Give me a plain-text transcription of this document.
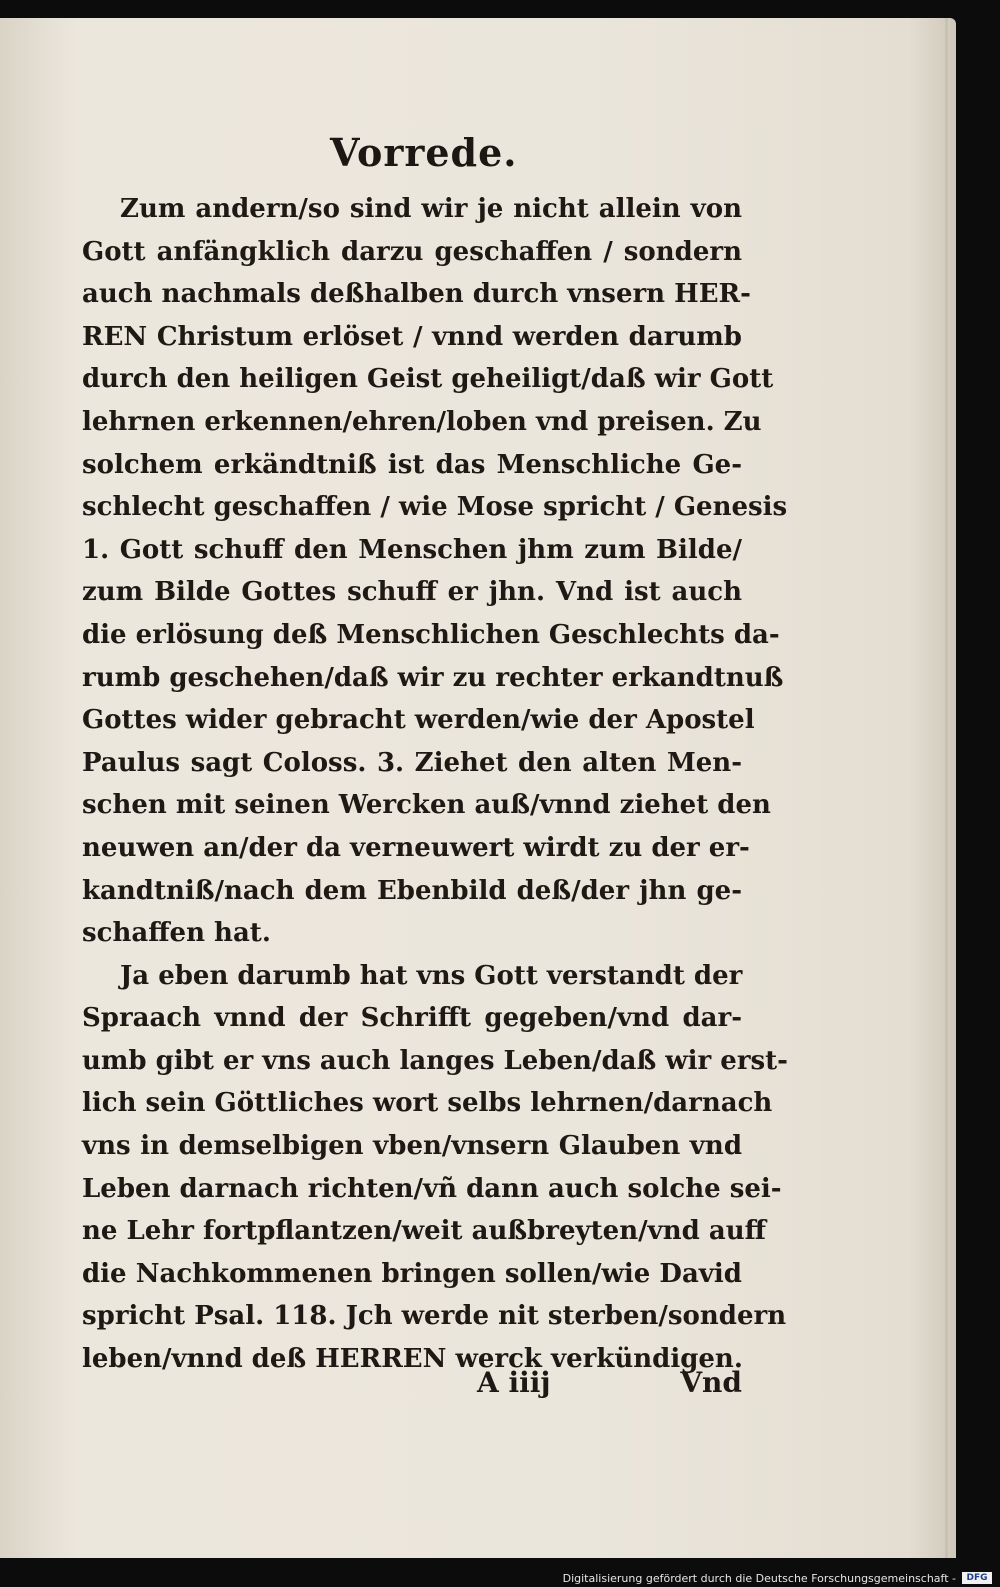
Vorrede.
Zum andern/so sind wir je nicht allein von
Gott anfängklich darzu geschaffen / sondern
auch nachmals deßhalben durch vnsern HER-
REN Christum erlöset / vnnd werden darumb
durch den heiligen Geist geheiligt/daß wir Gott
lehrnen erkennen/ehren/loben vnd preisen. Zu
solchem erkändtniß ist das Menschliche Ge-
schlecht geschaffen / wie Mose spricht / Genesis
1. Gott schuff den Menschen jhm zum Bilde/
zum Bilde Gottes schuff er jhn. Vnd ist auch
die erlösung deß Menschlichen Geschlechts da-
rumb geschehen/daß wir zu rechter erkandtnuß
Gottes wider gebracht werden/wie der Apostel
Paulus sagt Coloss. 3. Ziehet den alten Men-
schen mit seinen Wercken auß/vnnd ziehet den
neuwen an/der da verneuwert wirdt zu der er-
kandtniß/nach dem Ebenbild deß/der jhn ge-
schaffen hat.
Ja eben darumb hat vns Gott verstandt der
Spraach vnnd der Schrifft gegeben/vnd dar-
umb gibt er vns auch langes Leben/daß wir erst-
lich sein Göttliches wort selbs lehrnen/darnach
vns in demselbigen vben/vnsern Glauben vnd
Leben darnach richten/vñ dann auch solche sei-
ne Lehr fortpflantzen/weit außbreyten/vnd auff
die Nachkommenen bringen sollen/wie David
spricht Psal. 118. Jch werde nit sterben/sondern
leben/vnnd deß HERREN werck verkündigen.
A iiij	Vnd
Digitalisierung gefördert durch die Deutsche Forschungsgemeinschaft -	DFG
